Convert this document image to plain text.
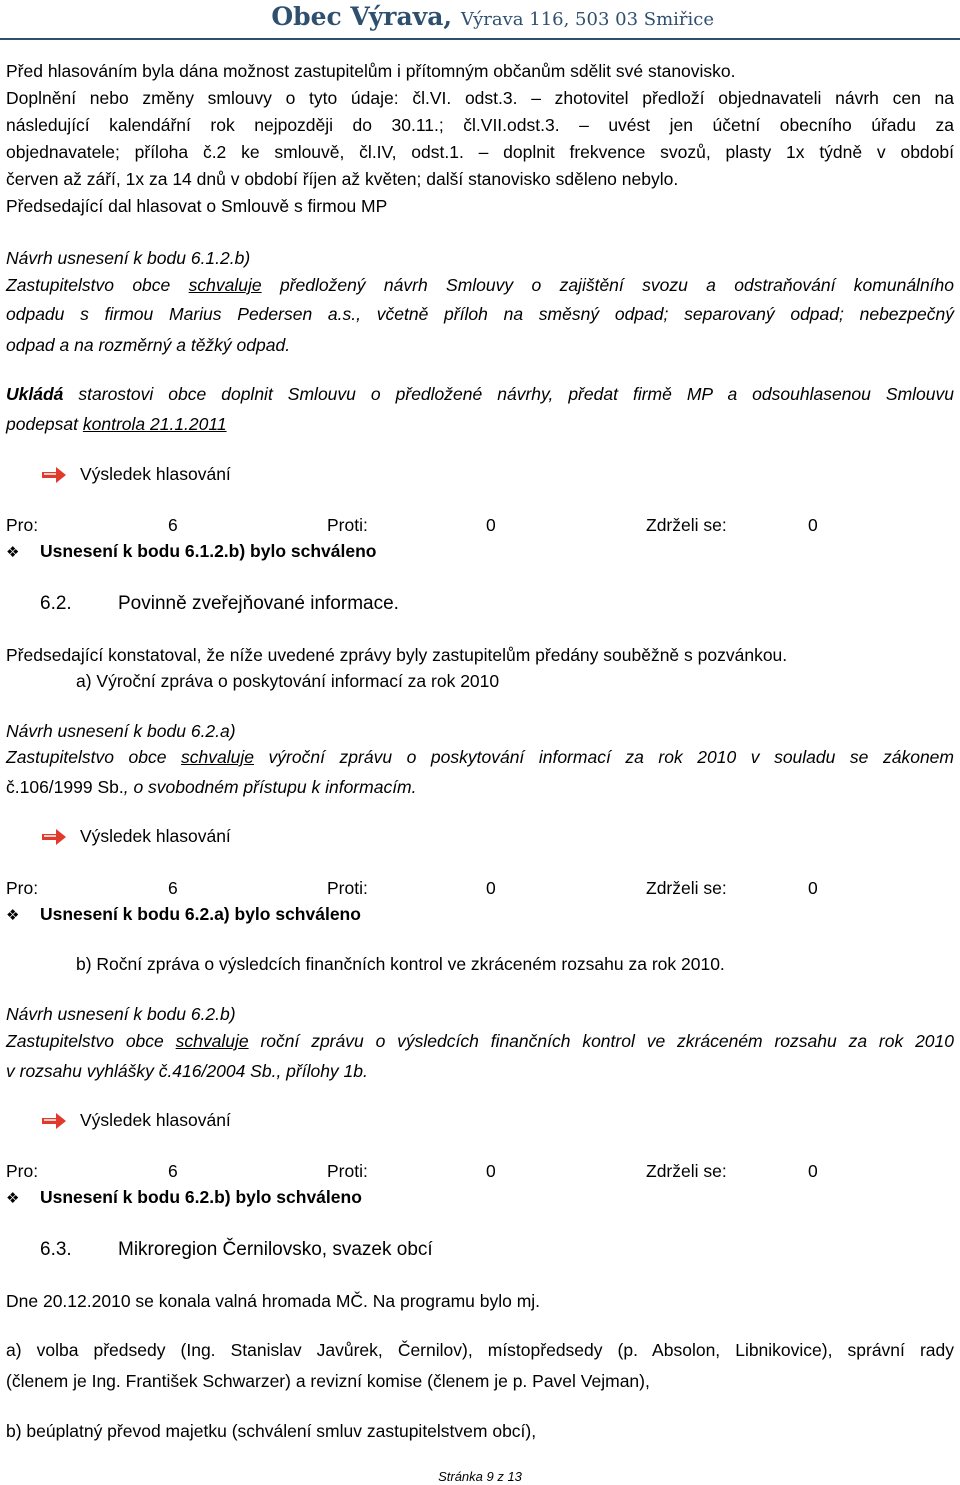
Obec Výrava, Výrava 116, 503 03 Smiřice
Před hlasováním byla dána možnost zastupitelům i přítomným občanům sdělit své stanovisko.
Doplnění nebo změny smlouvy o tyto údaje: čl.VI. odst.3. – zhotovitel předloží objednavateli návrh cen na
následující kalendářní rok nejpozději do 30.11.; čl.VII.odst.3. – uvést jen účetní obecního úřadu za
objednavatele; příloha č.2 ke smlouvě, čl.IV, odst.1. – doplnit frekvence svozů, plasty 1x týdně v období
červen až září, 1x za 14 dnů v období říjen až květen; další stanovisko sděleno nebylo.
Předsedající dal hlasovat o Smlouvě s firmou MP
Návrh usnesení k bodu 6.1.2.b)
Zastupitelstvo obce schvaluje předložený návrh Smlouvy o zajištění svozu a odstraňování komunálního
odpadu s firmou Marius Pedersen a.s., včetně příloh na směsný odpad; separovaný odpad; nebezpečný
odpad a na rozměrný a těžký odpad.
Ukládá starostovi obce doplnit Smlouvu o předložené návrhy, předat firmě MP a odsouhlasenou Smlouvu
podepsat kontrola 21.1.2011
Výsledek hlasování
Pro:	6	Proti:	0	Zdrželi se:	0
❖ Usnesení k bodu 6.1.2.b) bylo schváleno
6.2. Povinně zveřejňované informace.
Předsedající konstatoval, že níže uvedené zprávy byly zastupitelům předány souběžně s pozvánkou.
a) Výroční zpráva o poskytování informací za rok 2010
Návrh usnesení k bodu 6.2.a)
Zastupitelstvo obce schvaluje výroční zprávu o poskytování informací za rok 2010 v souladu se zákonem
č.106/1999 Sb., o svobodném přístupu k informacím.
Výsledek hlasování
Pro:	6	Proti:	0	Zdrželi se:	0
❖ Usnesení k bodu 6.2.a) bylo schváleno
b) Roční zpráva o výsledcích finančních kontrol ve zkráceném rozsahu za rok 2010.
Návrh usnesení k bodu 6.2.b)
Zastupitelstvo obce schvaluje roční zprávu o výsledcích finančních kontrol ve zkráceném rozsahu za rok 2010
v rozsahu vyhlášky č.416/2004 Sb., přílohy 1b.
Výsledek hlasování
Pro:	6	Proti:	0	Zdrželi se:	0
❖ Usnesení k bodu 6.2.b) bylo schváleno
6.3. Mikroregion Černilovsko, svazek obcí
Dne 20.12.2010 se konala valná hromada MČ. Na programu bylo mj.
a) volba předsedy (Ing. Stanislav Javůrek, Černilov), místopředsedy (p. Absolon, Libnikovice), správní rady
(členem je Ing. František Schwarzer) a revizní komise (členem je p. Pavel Vejman),
b) beúplatný převod majetku (schválení smluv zastupitelstvem obcí),
Stránka 9 z 13
